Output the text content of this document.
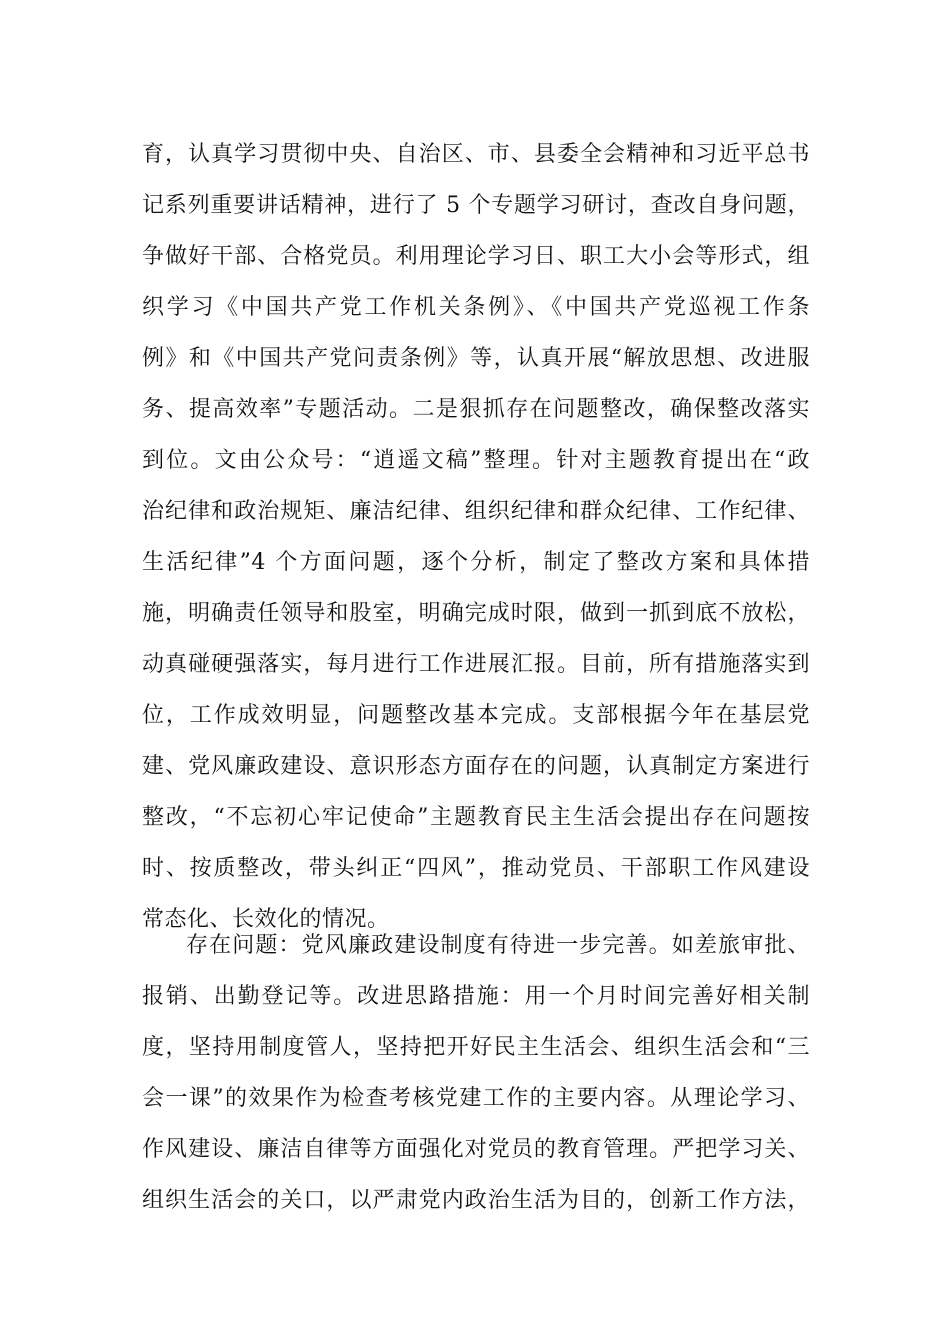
育，认真学习贯彻中央、自治区、市、县委全会精神和习近平总书
记系列重要讲话精神，进行了 5 个专题学习研讨，查改自身问题，
争做好干部、合格党员。利用理论学习日、职工大小会等形式，组
织学习《中国共产党工作机关条例》、《中国共产党巡视工作条
例》和《中国共产党问责条例》等，认真开展“解放思想、改进服
务、提高效率”专题活动。二是狠抓存在问题整改，确保整改落实
到位。文由公众号：“逍遥文稿”整理。针对主题教育提出在“政
治纪律和政治规矩、廉洁纪律、组织纪律和群众纪律、工作纪律、
生活纪律”4 个方面问题，逐个分析，制定了整改方案和具体措
施，明确责任领导和股室，明确完成时限，做到一抓到底不放松，
动真碰硬强落实，每月进行工作进展汇报。目前，所有措施落实到
位，工作成效明显，问题整改基本完成。支部根据今年在基层党
建、党风廉政建设、意识形态方面存在的问题，认真制定方案进行
整改，“不忘初心牢记使命”主题教育民主生活会提出存在问题按
时、按质整改，带头纠正“四风”，推动党员、干部职工作风建设
常态化、长效化的情况。
存在问题：党风廉政建设制度有待进一步完善。如差旅审批、
报销、出勤登记等。改进思路措施：用一个月时间完善好相关制
度，坚持用制度管人，坚持把开好民主生活会、组织生活会和“三
会一课”的效果作为检查考核党建工作的主要内容。从理论学习、
作风建设、廉洁自律等方面强化对党员的教育管理。严把学习关、
组织生活会的关口，以严肃党内政治生活为目的，创新工作方法，
